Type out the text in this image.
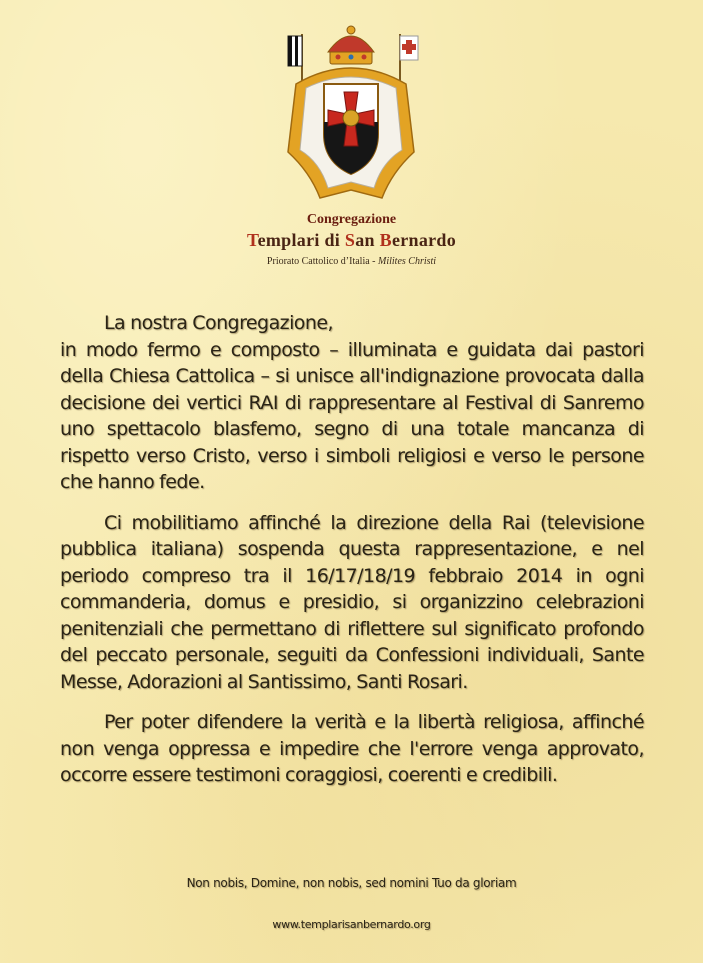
Congregazione
Templari di San Bernardo
Priorato Cattolico d’Italia - Milites Christi

La nostra Congregazione,
in modo fermo e composto – illuminata e guidata dai pastori della Chiesa Cattolica – si unisce all'indignazione provocata dalla decisione dei vertici RAI di rappresentare al Festival di Sanremo uno spettacolo blasfemo, segno di una totale mancanza di rispetto verso Cristo, verso i simboli religiosi e verso le persone che hanno fede.

Ci mobilitiamo affinché la direzione della Rai (televisione pubblica italiana) sospenda questa rappresentazione, e nel periodo compreso tra il 16/17/18/19 febbraio 2014 in ogni commanderia, domus e presidio, si organizzino celebrazioni penitenziali che permettano di riflettere sul significato profondo del peccato personale, seguiti da Confessioni individuali, Sante Messe, Adorazioni al Santissimo, Santi Rosari.

Per poter difendere la verità e la libertà religiosa, affinché non venga oppressa e impedire che l'errore venga approvato, occorre essere testimoni coraggiosi, coerenti e credibili.

Non nobis, Domine, non nobis, sed nomini Tuo da gloriam
www.templarisanbernardo.org
